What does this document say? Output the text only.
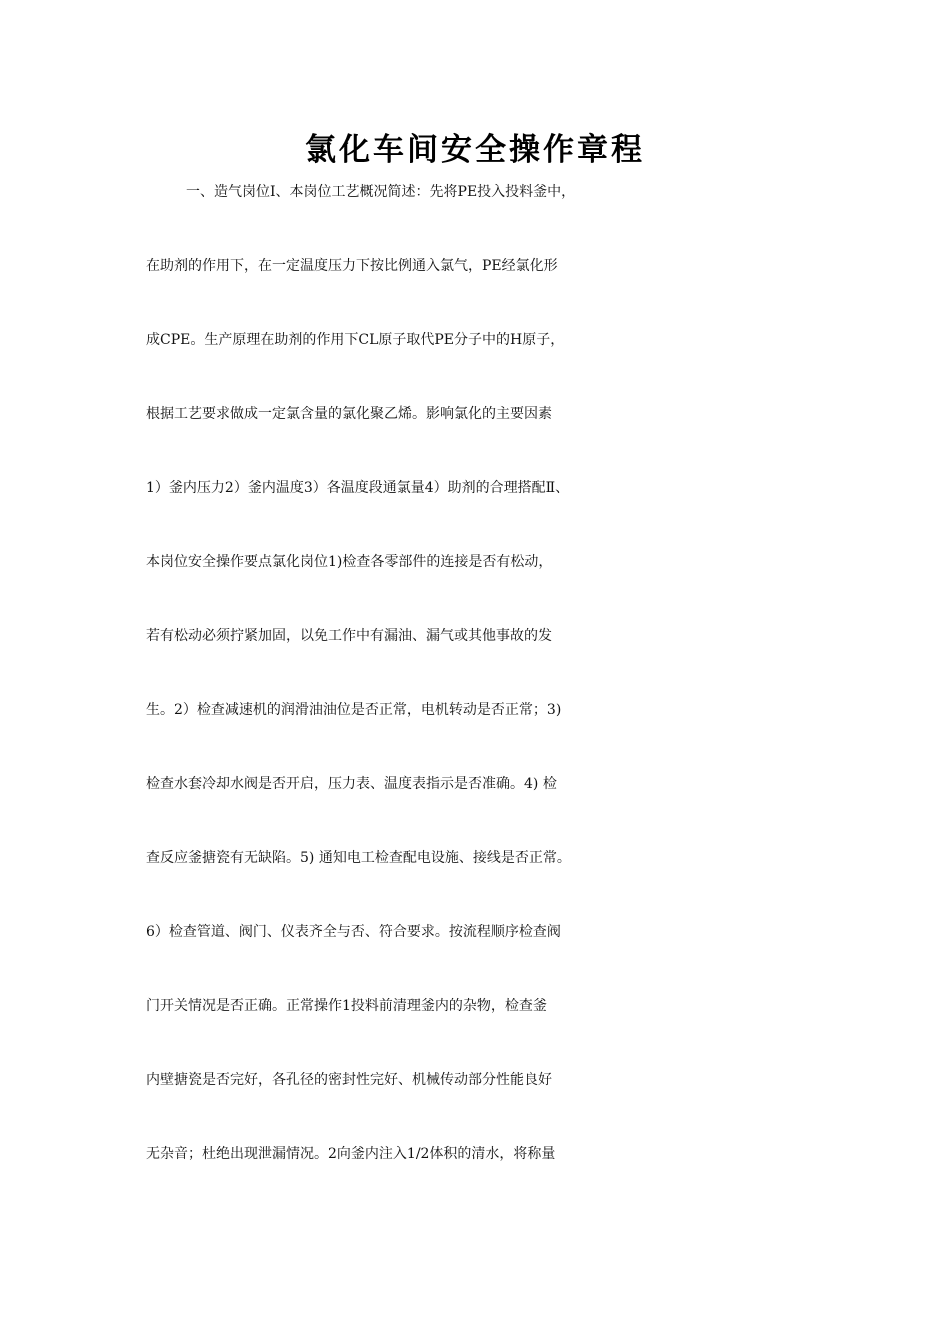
氯化车间安全操作章程

一、造气岗位Ⅰ、本岗位工艺概况简述：先将PE投入投料釜中，

在助剂的作用下，在一定温度压力下按比例通入氯气，PE经氯化形

成CPE。生产原理在助剂的作用下CL原子取代PE分子中的H原子，

根据工艺要求做成一定氯含量的氯化聚乙烯。影响氯化的主要因素

1）釜内压力2）釜内温度3）各温度段通氯量4）助剂的合理搭配Ⅱ、

本岗位安全操作要点氯化岗位1)检查各零部件的连接是否有松动，

若有松动必须拧紧加固，以免工作中有漏油、漏气或其他事故的发

生。2）检查减速机的润滑油油位是否正常，电机转动是否正常；3)

检查水套冷却水阀是否开启，压力表、温度表指示是否准确。4) 检

查反应釜搪瓷有无缺陷。5) 通知电工检查配电设施、接线是否正常。

6）检查管道、阀门、仪表齐全与否、符合要求。按流程顺序检查阀

门开关情况是否正确。正常操作1投料前清理釜内的杂物，检查釜

内壁搪瓷是否完好，各孔径的密封性完好、机械传动部分性能良好

无杂音；杜绝出现泄漏情况。2向釜内注入1/2体积的清水，将称量
